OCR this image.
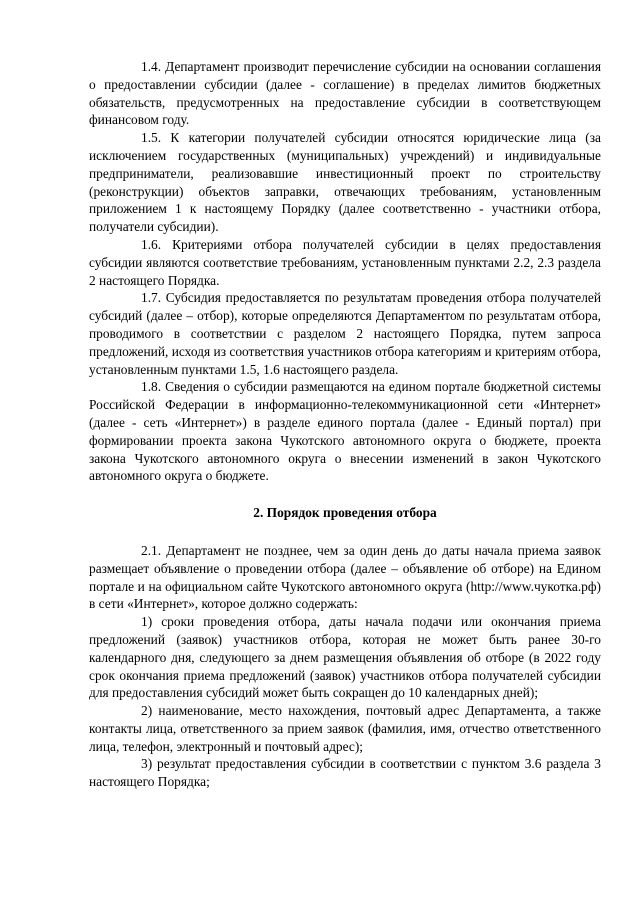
1.4. Департамент производит перечисление субсидии на основании соглашения о предоставлении субсидии (далее - соглашение) в пределах лимитов бюджетных обязательств, предусмотренных на предоставление субсидии в соответствующем финансовом году.

1.5. К категории получателей субсидии относятся юридические лица (за исключением государственных (муниципальных) учреждений) и индивидуальные предприниматели, реализовавшие инвестиционный проект по строительству (реконструкции) объектов заправки, отвечающих требованиям, установленным приложением 1 к настоящему Порядку (далее соответственно - участники отбора, получатели субсидии).

1.6. Критериями отбора получателей субсидии в целях предоставления субсидии являются соответствие требованиям, установленным пунктами 2.2, 2.3 раздела 2 настоящего Порядка.

1.7. Субсидия предоставляется по результатам проведения отбора получателей субсидий (далее – отбор), которые определяются Департаментом по результатам отбора, проводимого в соответствии с разделом 2 настоящего Порядка, путем запроса предложений, исходя из соответствия участников отбора категориям и критериям отбора, установленным пунктами 1.5, 1.6 настоящего раздела.

1.8. Сведения о субсидии размещаются на едином портале бюджетной системы Российской Федерации в информационно-телекоммуникационной сети «Интернет» (далее - сеть «Интернет») в разделе единого портала (далее - Единый портал) при формировании проекта закона Чукотского автономного округа о бюджете, проекта закона Чукотского автономного округа о внесении изменений в закон Чукотского автономного округа о бюджете.

2. Порядок проведения отбора

2.1. Департамент не позднее, чем за один день до даты начала приема заявок размещает объявление о проведении отбора (далее – объявление об отборе) на Едином портале и на официальном сайте Чукотского автономного округа (http://www.чукотка.рф) в сети «Интернет», которое должно содержать:

1) сроки проведения отбора, даты начала подачи или окончания приема предложений (заявок) участников отбора, которая не может быть ранее 30-го календарного дня, следующего за днем размещения объявления об отборе (в 2022 году срок окончания приема предложений (заявок) участников отбора получателей субсидии для предоставления субсидий может быть сокращен до 10 календарных дней);

2) наименование, место нахождения, почтовый адрес Департамента, а также контакты лица, ответственного за прием заявок (фамилия, имя, отчество ответственного лица, телефон, электронный и почтовый адрес);

3) результат предоставления субсидии в соответствии с пунктом 3.6 раздела 3 настоящего Порядка;
